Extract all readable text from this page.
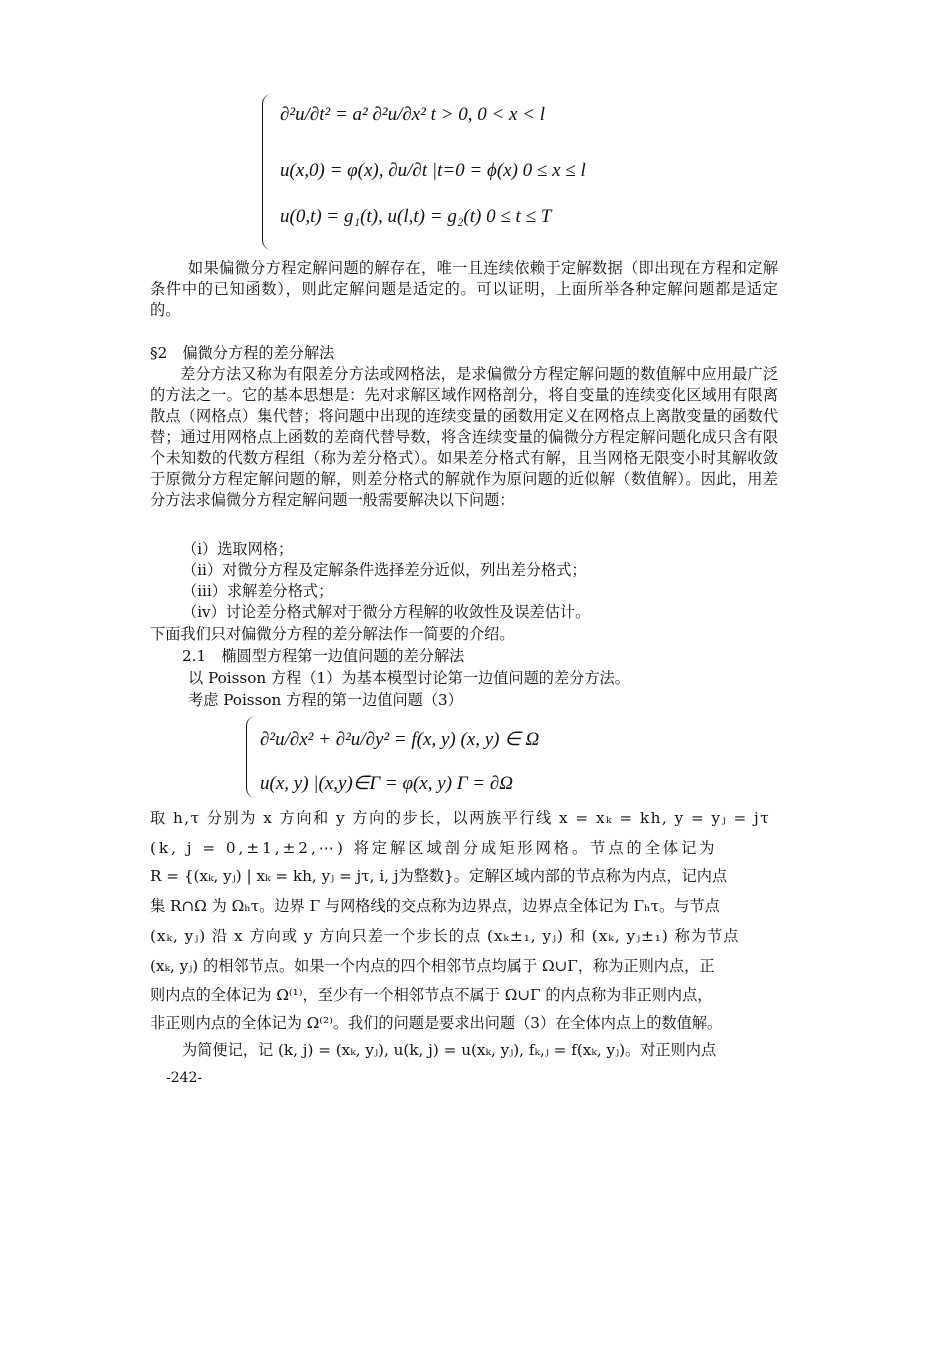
∂²u/∂t² = a² ∂²u/∂x² t > 0, 0 < x < l
u(x,0) = φ(x), ∂u/∂t |t=0 = ϕ(x) 0 ≤ x ≤ l
u(0,t) = g₁(t), u(l,t) = g₂(t) 0 ≤ t ≤ T
如果偏微分方程定解问题的解存在，唯一且连续依赖于定解数据（即出现在方程和定解条件中的已知函数），则此定解问题是适定的。可以证明，上面所举各种定解问题都是适定的。
§2　偏微分方程的差分解法
差分方法又称为有限差分方法或网格法，是求偏微分方程定解问题的数值解中应用最广泛的方法之一。它的基本思想是：先对求解区域作网格剖分，将自变量的连续变化区域用有限离散点（网格点）集代替；将问题中出现的连续变量的函数用定义在网格点上离散变量的函数代替；通过用网格点上函数的差商代替导数，将含连续变量的偏微分方程定解问题化成只含有限个未知数的代数方程组（称为差分格式）。如果差分格式有解，且当网格无限变小时其解收敛于原微分方程定解问题的解，则差分格式的解就作为原问题的近似解（数值解）。因此，用差分方法求偏微分方程定解问题一般需要解决以下问题：
（i）选取网格；
（ii）对微分方程及定解条件选择差分近似，列出差分格式；
（iii）求解差分格式；
（iv）讨论差分格式解对于微分方程解的收敛性及误差估计。
下面我们只对偏微分方程的差分解法作一简要的介绍。
2.1　椭圆型方程第一边值问题的差分解法
以 Poisson 方程（1）为基本模型讨论第一边值问题的差分方法。
考虑 Poisson 方程的第一边值问题（3）
∂²u/∂x² + ∂²u/∂y² = f(x, y) (x, y) ∈ Ω
u(x, y) |(x,y)∈Γ = φ(x, y) Γ = ∂Ω
取 h,τ 分别为 x 方向和 y 方向的步长，以两族平行线 x = xₖ = kh, y = yⱼ = jτ
(k, j = 0,±1,±2,⋯) 将定解区域剖分成矩形网格。节点的全体记为
R = {(xₖ, yⱼ) | xₖ = kh, yⱼ = jτ, i, j为整数}。定解区域内部的节点称为内点，记内点
集 R∩Ω 为 Ωₕτ。边界 Γ 与网格线的交点称为边界点，边界点全体记为 Γₕτ。与节点
(xₖ, yⱼ) 沿 x 方向或 y 方向只差一个步长的点 (xₖ±₁, yⱼ) 和 (xₖ, yⱼ±₁) 称为节点
(xₖ, yⱼ) 的相邻节点。如果一个内点的四个相邻节点均属于 Ω∪Γ，称为正则内点，正
则内点的全体记为 Ω⁽¹⁾，至少有一个相邻节点不属于 Ω∪Γ 的内点称为非正则内点，
非正则内点的全体记为 Ω⁽²⁾。我们的问题是要求出问题（3）在全体内点上的数值解。
为简便记，记 (k, j) = (xₖ, yⱼ), u(k, j) = u(xₖ, yⱼ), fₖ,ⱼ = f(xₖ, yⱼ)。对正则内点
-242-
